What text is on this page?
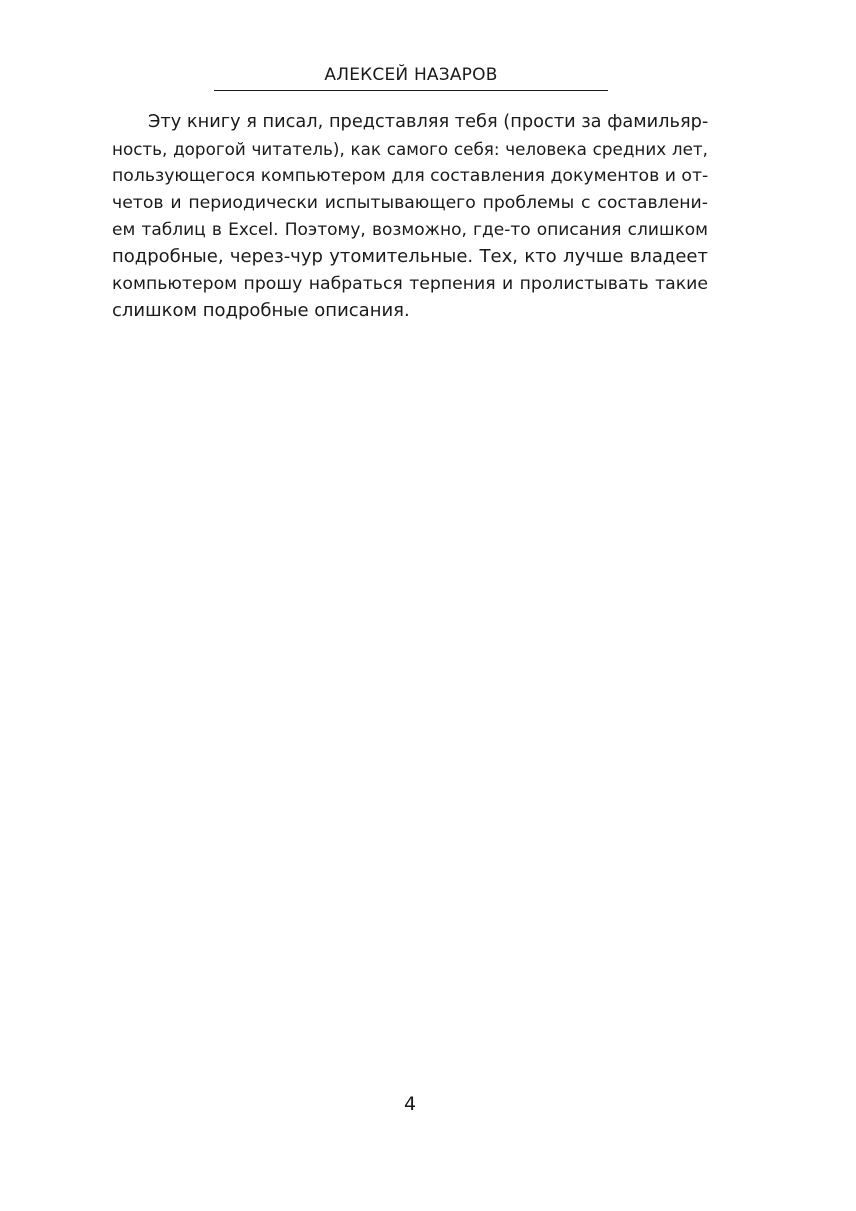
АЛЕКСЕЙ НАЗАРОВ
Эту книгу я писал, представляя тебя (прости за фамильяр-
ность, дорогой читатель), как самого себя: человека средних лет,
пользующегося компьютером для составления документов и от-
четов и периодически испытывающего проблемы с составлени-
ем таблиц в Excel. Поэтому, возможно, где-то описания слишком
подробные, через-чур утомительные. Тех, кто лучше владеет
компьютером прошу набраться терпения и пролистывать такие
слишком подробные описания.
4
